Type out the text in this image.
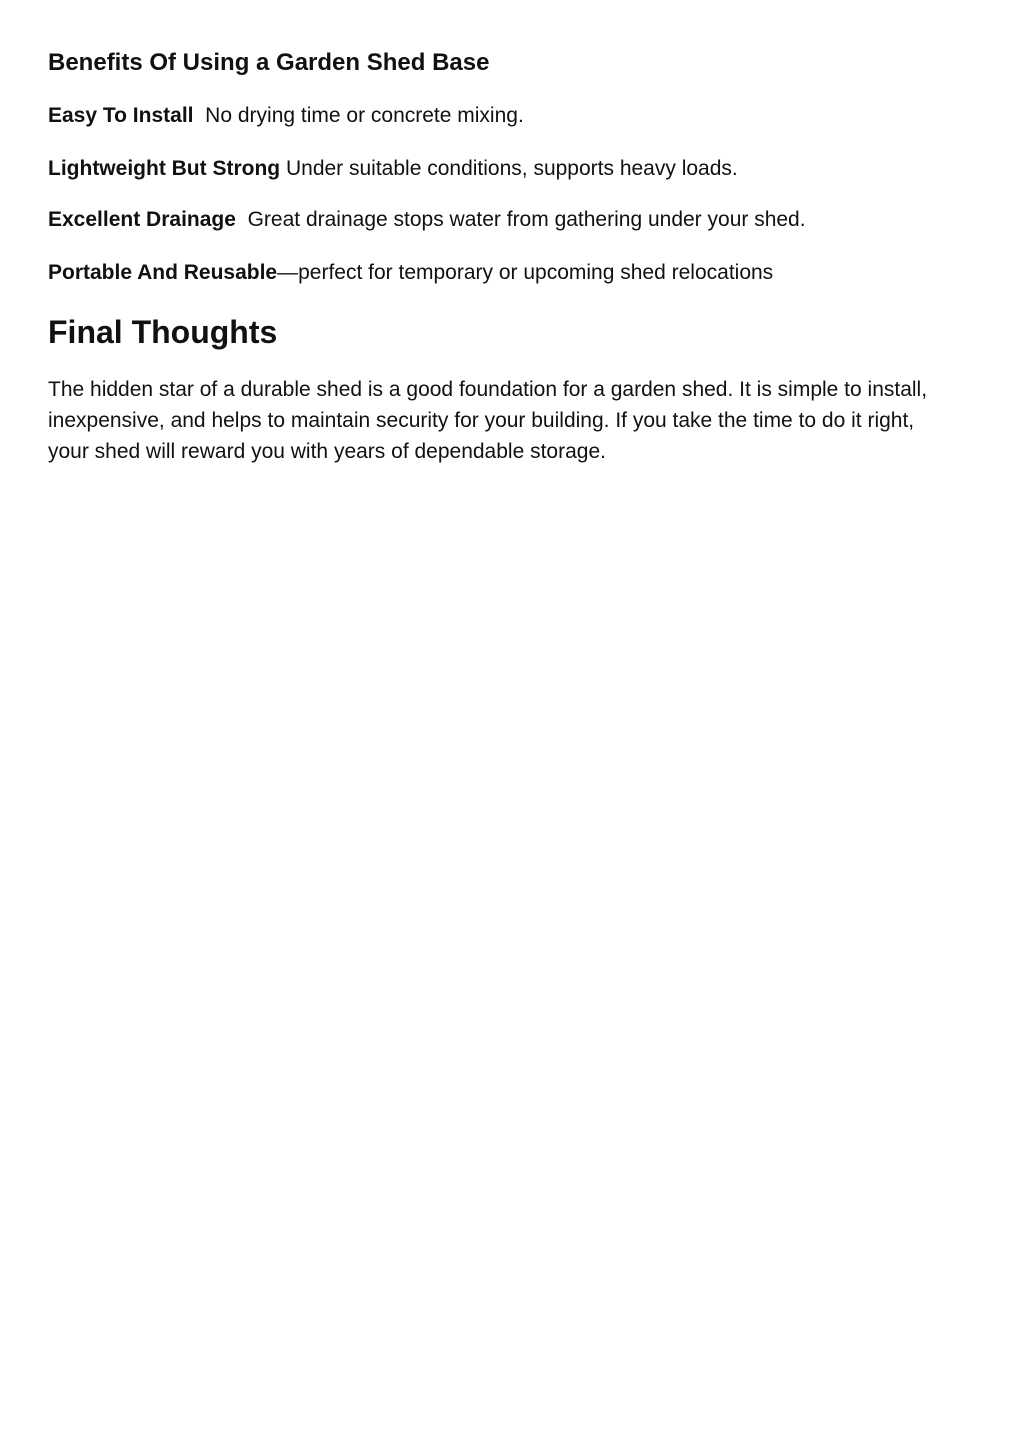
Benefits Of Using a Garden Shed Base

Easy To Install No drying time or concrete mixing.

Lightweight But Strong Under suitable conditions, supports heavy loads.

Excellent Drainage Great drainage stops water from gathering under your shed.

Portable And Reusable—perfect for temporary or upcoming shed relocations

Final Thoughts

The hidden star of a durable shed is a good foundation for a garden shed. It is simple to install, inexpensive, and helps to maintain security for your building. If you take the time to do it right, your shed will reward you with years of dependable storage.
